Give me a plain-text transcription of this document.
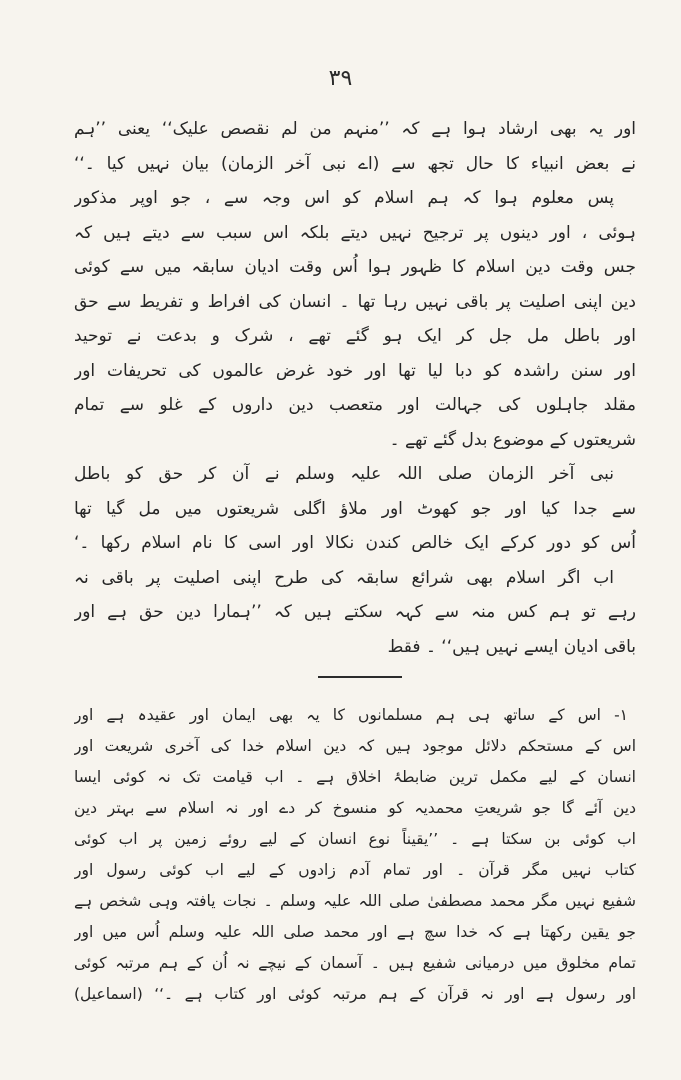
۳۹
اور یہ بھی ارشاد ہوا ہے کہ ’’منہم من لم نقصص علیک‘‘ یعنی ’’ہم
نے بعض انبیاء کا حال تجھ سے (اے نبی آخر الزمان) بیان نہیں کیا ۔‘‘
پس معلوم ہوا کہ ہم اسلام کو اس وجہ سے ، جو اوپر مذکور
ہوئی ، اور دینوں پر ترجیح نہیں دیتے بلکہ اس سبب سے دیتے ہیں کہ
جس وقت دین اسلام کا ظہور ہوا اُس وقت ادیان سابقہ میں سے کوئی
دین اپنی اصلیت پر باقی نہیں رہا تھا ۔ انسان کی افراط و تفریط سے حق
اور باطل مل جل کر ایک ہو گئے تھے ، شرک و بدعت نے توحید
اور سنن راشدہ کو دبا لیا تھا اور خود غرض عالموں کی تحریفات اور
مقلد جاہلوں کی جہالت اور متعصب دین داروں کے غلو سے تمام
شریعتوں کے موضوع بدل گئے تھے ۔
نبی آخر الزمان صلی اللہ علیہ وسلم نے آن کر حق کو باطل
سے جدا کیا اور جو کھوٹ اور ملاؤ اگلی شریعتوں میں مل گیا تھا
اُس کو دور کرکے ایک خالص کندن نکالا اور اسی کا نام اسلام رکھا ۔‘
اب اگر اسلام بھی شرائع سابقہ کی طرح اپنی اصلیت پر باقی نہ
رہے تو ہم کس منہ سے کہہ سکتے ہیں کہ ’’ہمارا دین حق ہے اور
باقی ادیان ایسے نہیں ہیں‘‘ ۔ فقط
۱- اس کے ساتھ ہی ہم مسلمانوں کا یہ بھی ایمان اور عقیدہ ہے اور
اس کے مستحکم دلائل موجود ہیں کہ دین اسلام خدا کی آخری شریعت اور
انسان کے لیے مکمل ترین ضابطۂ اخلاق ہے ۔ اب قیامت تک نہ کوئی ایسا
دین آئے گا جو شریعتِ محمدیہ کو منسوخ کر دے اور نہ اسلام سے بہتر دین
اب کوئی بن سکتا ہے ۔ ’’یقیناً نوع انسان کے لیے روئے زمین پر اب کوئی
کتاب نہیں مگر قرآن ۔ اور تمام آدم زادوں کے لیے اب کوئی رسول اور
شفیع نہیں مگر محمد مصطفیٰ صلی اللہ علیہ وسلم ۔ نجات یافتہ وہی شخص ہے
جو یقین رکھتا ہے کہ خدا سچ ہے اور محمد صلی اللہ علیہ وسلم اُس میں اور
تمام مخلوق میں درمیانی شفیع ہیں ۔ آسمان کے نیچے نہ اُن کے ہم مرتبہ کوئی
اور رسول ہے اور نہ قرآن کے ہم مرتبہ کوئی اور کتاب ہے ۔‘‘ (اسماعیل)
